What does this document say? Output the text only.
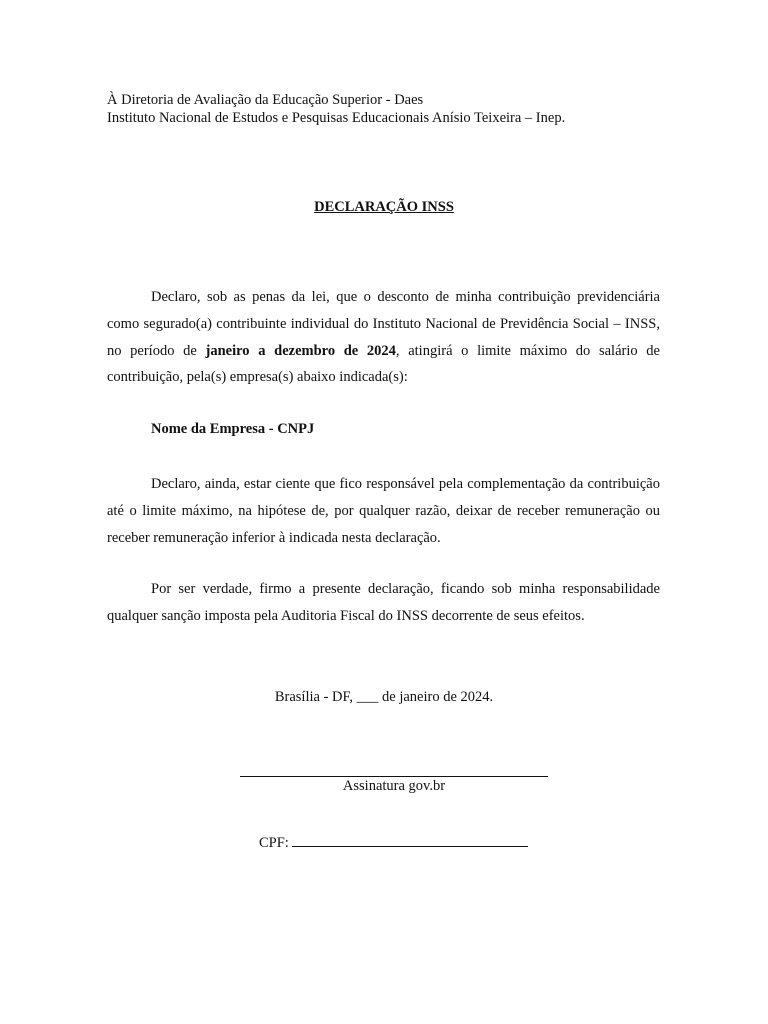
À Diretoria de Avaliação da Educação Superior - Daes
Instituto Nacional de Estudos e Pesquisas Educacionais Anísio Teixeira – Inep.
DECLARAÇÃO INSS

Declaro, sob as penas da lei, que o desconto de minha contribuição previdenciária como segurado(a) contribuinte individual do Instituto Nacional de Previdência Social – INSS, no período de janeiro a dezembro de 2024, atingirá o limite máximo do salário de contribuição, pela(s) empresa(s) abaixo indicada(s):

Nome da Empresa - CNPJ

Declaro, ainda, estar ciente que fico responsável pela complementação da contribuição até o limite máximo, na hipótese de, por qualquer razão, deixar de receber remuneração ou receber remuneração inferior à indicada nesta declaração.

Por ser verdade, firmo a presente declaração, ficando sob minha responsabilidade qualquer sanção imposta pela Auditoria Fiscal do INSS decorrente de seus efeitos.

Brasília - DF, ___ de janeiro de 2024.
Assinatura gov.br
CPF:
